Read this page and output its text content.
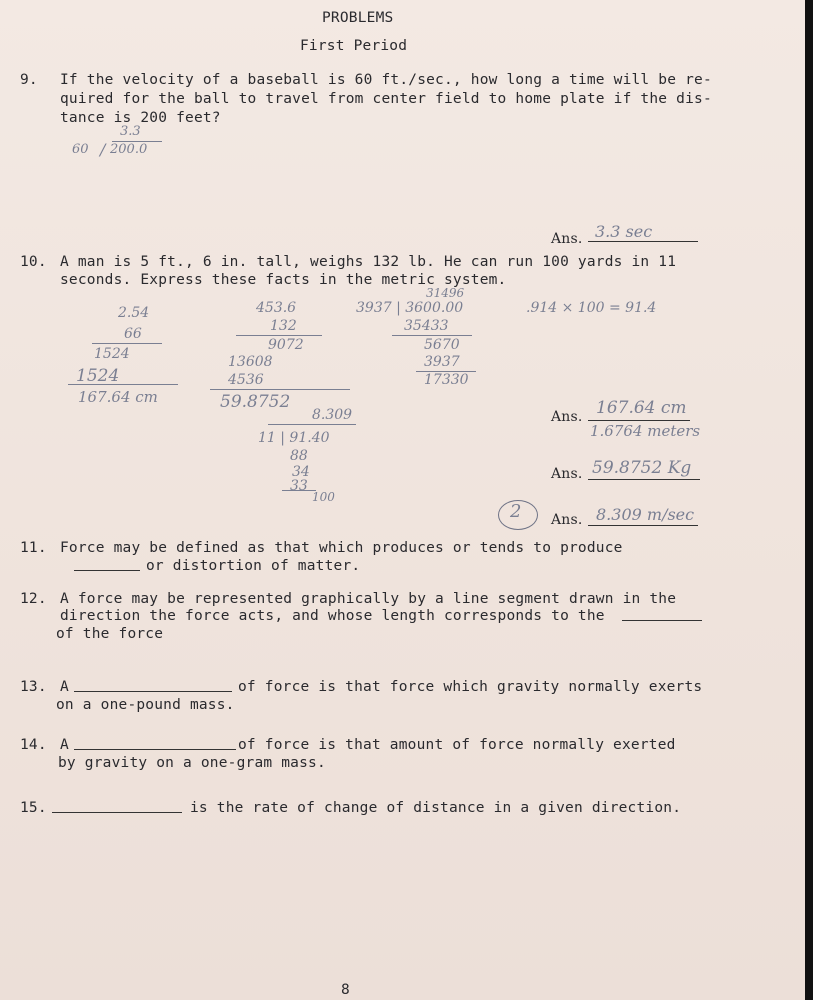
PROBLEMS
First Period
9. If the velocity of a baseball is 60 ft./sec., how long a time will be re-
quired for the ball to travel from center field to home plate if the dis-
tance is 200 feet?
3.3
60 / 200.0
Ans. 3.3 sec
10. A man is 5 ft., 6 in. tall, weighs 132 lb. He can run 100 yards in 11
seconds. Express these facts in the metric system.
2.54
66
1524
1524
167.64 cm
453.6
132
9072
13608
4536
59.8752
8.309
11 | 91.40
88
34
33
100
3937 | 3600.00
31496
35433
5670
3937
17330
.914 × 100 = 91.4
Ans. 167.64 cm
1.6764 meters
Ans. 59.8752 Kg
2 Ans. 8.309 m/sec
11. Force may be defined as that which produces or tends to produce
or distortion of matter.
12. A force may be represented graphically by a line segment drawn in the
direction the force acts, and whose length corresponds to the
of the force
13. A	of force is that force which gravity normally exerts
on a one-pound mass.
14. A	of force is that amount of force normally exerted
by gravity on a one-gram mass.
15.	is the rate of change of distance in a given direction.
8
